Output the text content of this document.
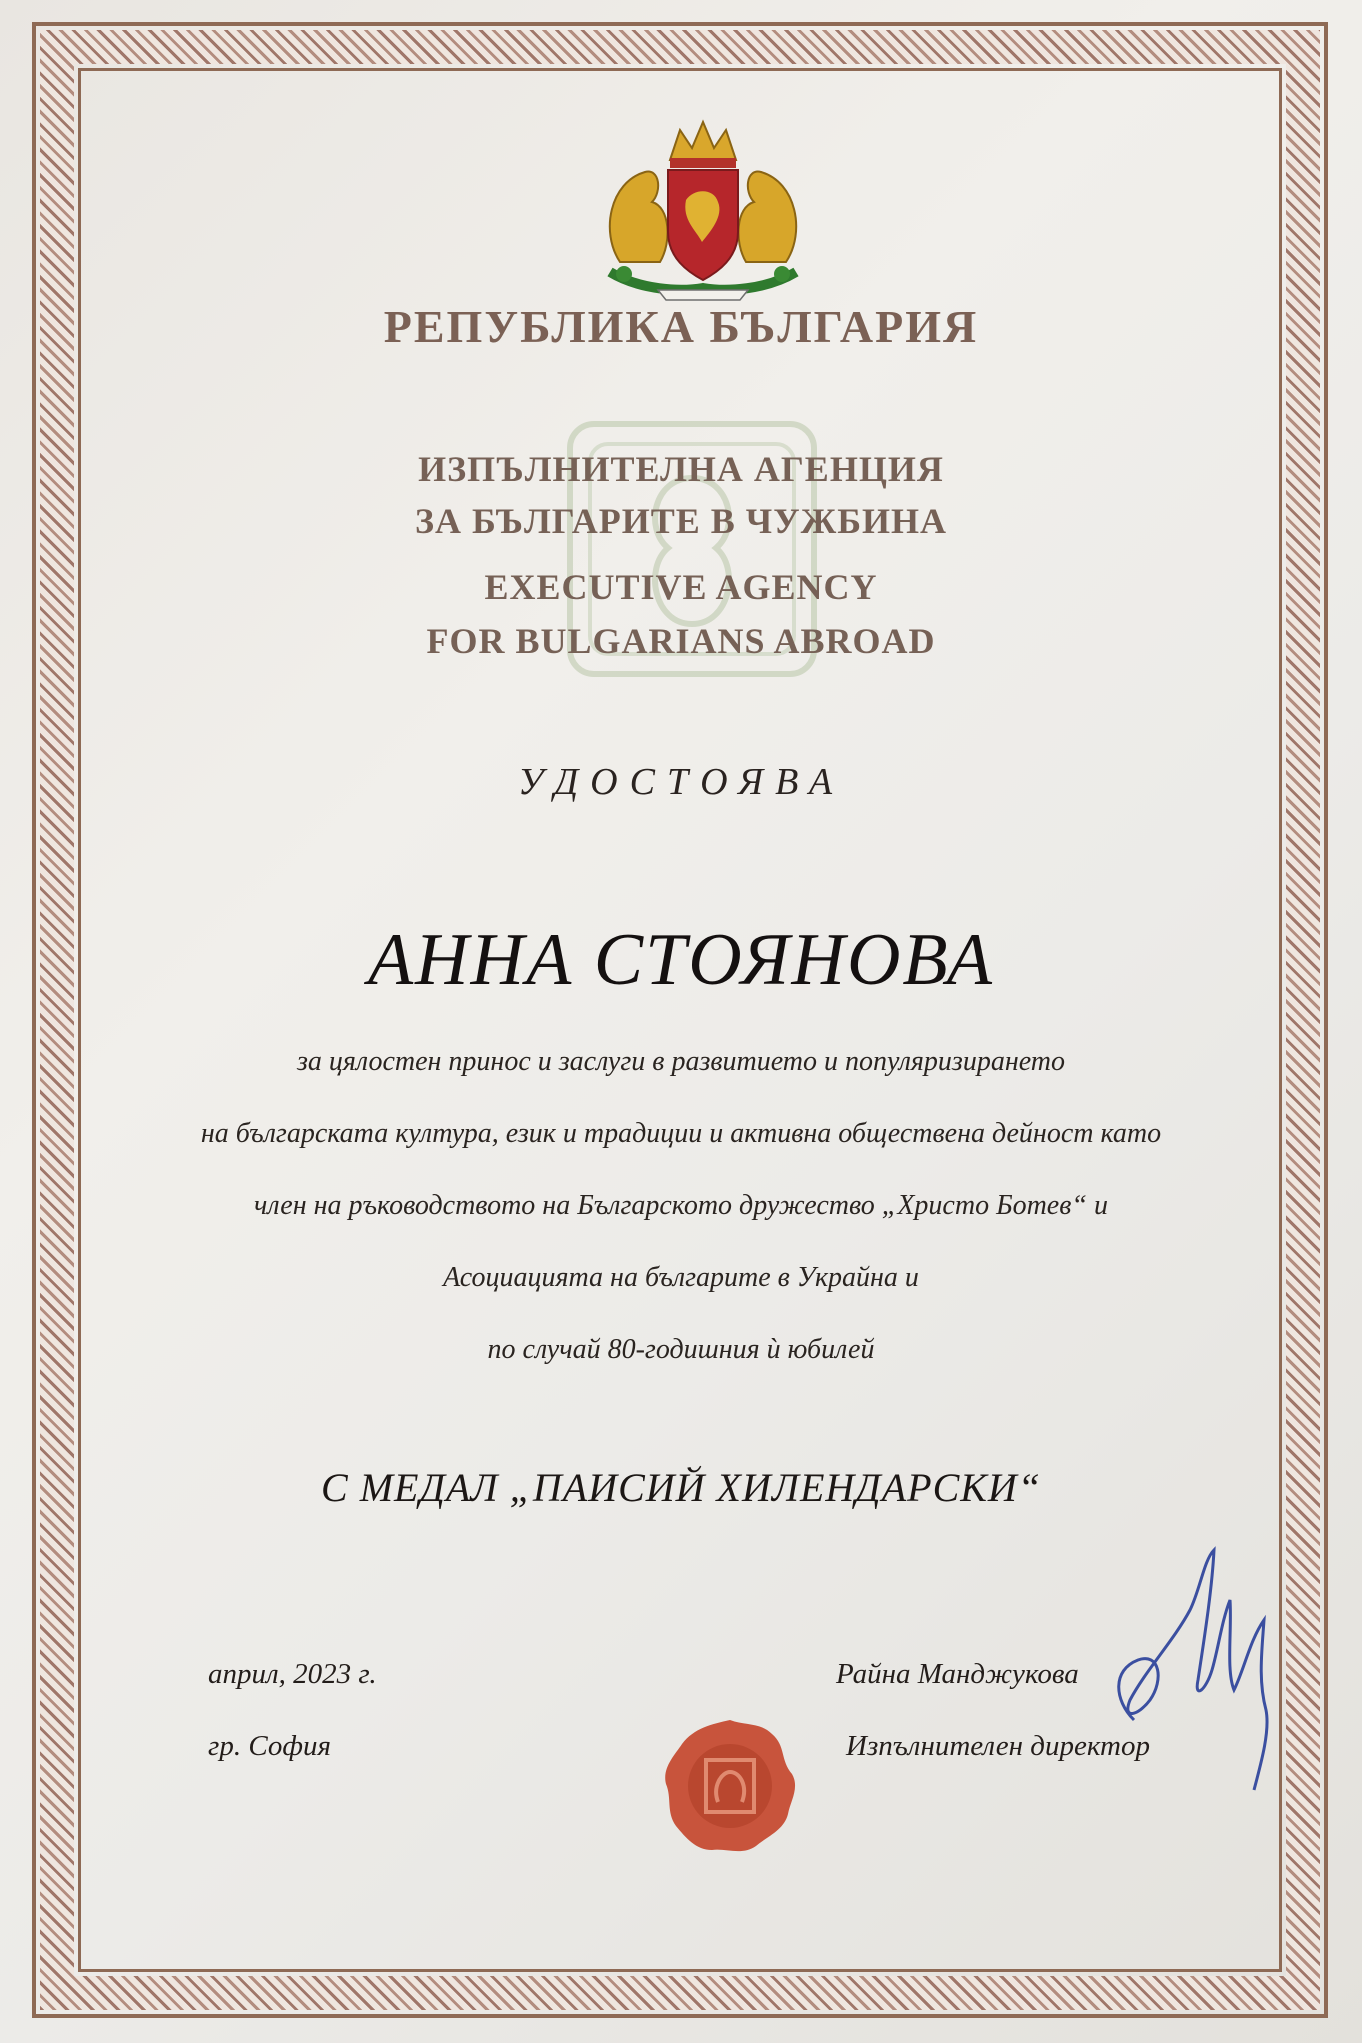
РЕПУБЛИКА БЪЛГАРИЯ
ИЗПЪЛНИТЕЛНА АГЕНЦИЯ
ЗА БЪЛГАРИТЕ В ЧУЖБИНА
EXECUTIVE AGENCY
FOR BULGARIANS ABROAD
УДОСТОЯВА
АННА СТОЯНОВА
за цялостен принос и заслуги в развитието и популяризирането
на българската култура, език и традиции и активна обществена дейност като
член на ръководството на Българското дружество „Христо Ботев“ и
Асоциацията на българите в Украйна и
по случай 80-годишния ѝ юбилей
С МЕДАЛ „ПАИСИЙ ХИЛЕНДАРСКИ“
април, 2023 г.
гр. София
Райна Манджукова
Изпълнителен директор
